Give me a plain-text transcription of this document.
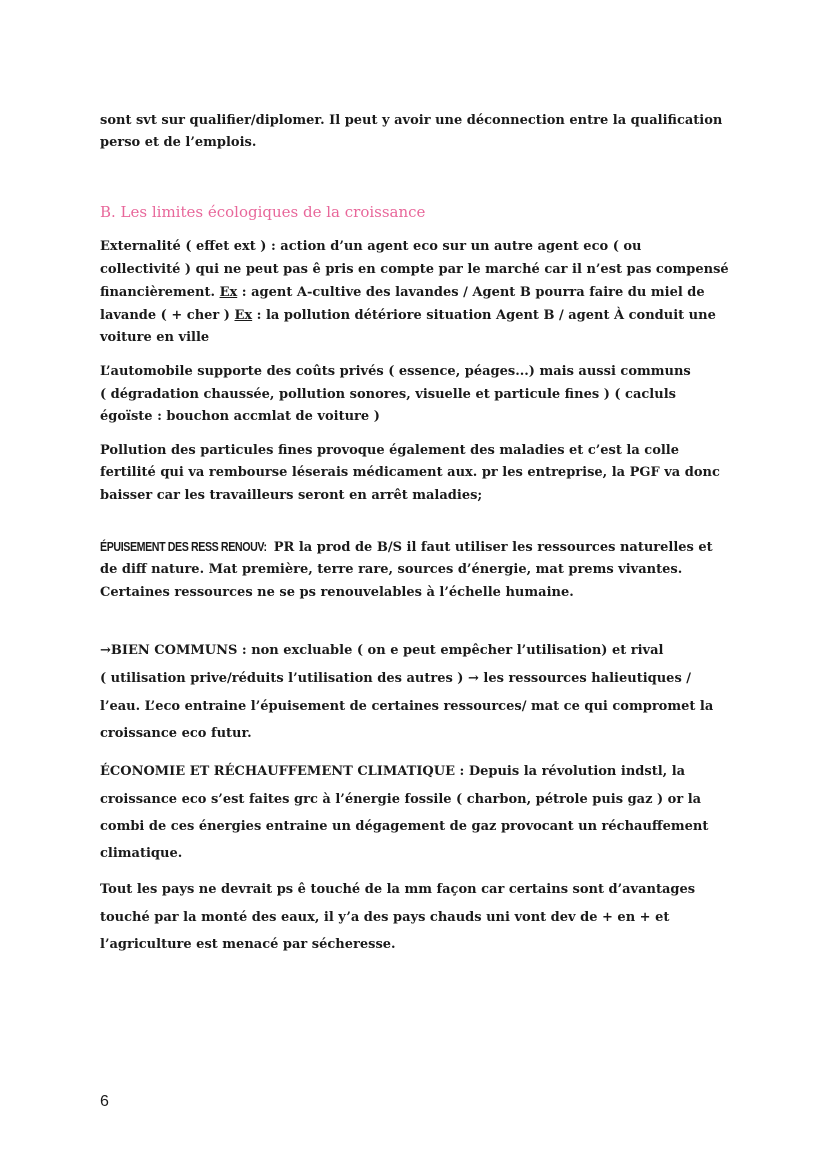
sont svt sur qualifier/diplomer. Il peut y avoir une déconnection entre la qualification
perso et de l’emplois.
B. Les limites écologiques de la croissance
Externalité ( effet ext ) : action d’un agent eco sur un autre agent eco ( ou
collectivité ) qui ne peut pas ê pris en compte par le marché car il n’est pas compensé
financièrement. Ex : agent A-cultive des lavandes / Agent B pourra faire du miel de
lavande ( + cher ) Ex : la pollution détériore situation Agent B / agent À conduit une
voiture en ville
L’automobile supporte des coûts privés ( essence, péages...) mais aussi communs
( dégradation chaussée, pollution sonores, visuelle et particule fines ) ( cacluls
égoïste : bouchon accmlat de voiture )
Pollution des particules fines provoque également des maladies et c’est la colle
fertilité qui va rembourse léserais médicament aux. pr les entreprise, la PGF va donc
baisser car les travailleurs seront en arrêt maladies;
ÉPUISEMENT DES RESS RENOUV: PR la prod de B/S il faut utiliser les ressources naturelles et
de diff nature. Mat première, terre rare, sources d’énergie, mat prems vivantes.
Certaines ressources ne se ps renouvelables à l’échelle humaine.
→BIEN COMMUNS : non excluable ( on e peut empêcher l’utilisation) et rival
( utilisation prive/réduits l’utilisation des autres ) → les ressources halieutiques /
l’eau. L’eco entraine l’épuisement de certaines ressources/ mat ce qui compromet la
croissance eco futur.
ÉCONOMIE ET RÉCHAUFFEMENT CLIMATIQUE : Depuis la révolution indstl, la
croissance eco s’est faites grc à l’énergie fossile ( charbon, pétrole puis gaz ) or la
combi de ces énergies entraine un dégagement de gaz provocant un réchauffement
climatique.
Tout les pays ne devrait ps ê touché de la mm façon car certains sont d’avantages
touché par la monté des eaux, il y’a des pays chauds uni vont dev de + en + et
l’agriculture est menacé par sécheresse.
6
